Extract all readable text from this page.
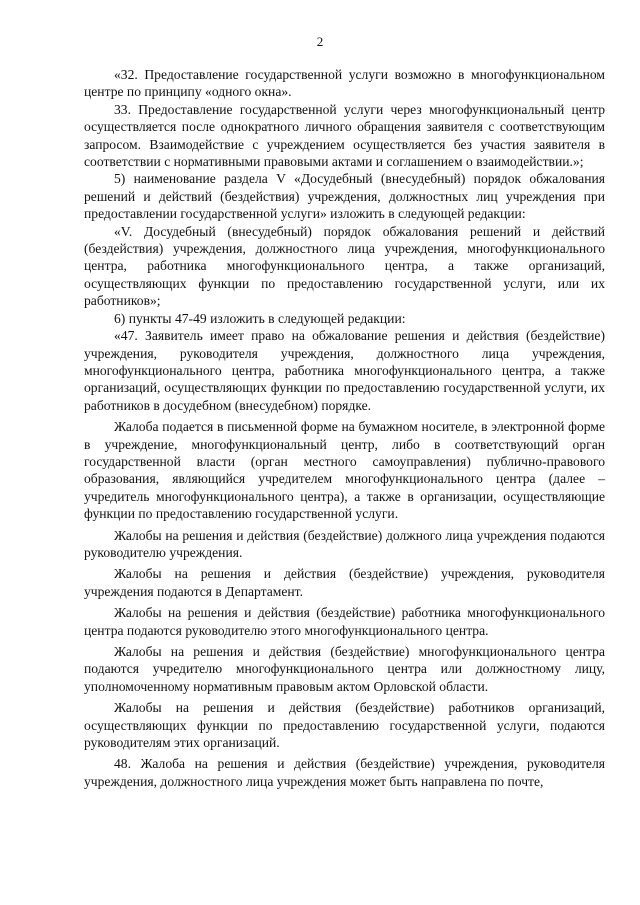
2

«32. Предоставление государственной услуги возможно в многофункциональном центре по принципу «одного окна».

33. Предоставление государственной услуги через многофункциональный центр осуществляется после однократного личного обращения заявителя с соответствующим запросом. Взаимодействие с учреждением осуществляется без участия заявителя в соответствии с нормативными правовыми актами и соглашением о взаимодействии.»;

5) наименование раздела V «Досудебный (внесудебный) порядок обжалования решений и действий (бездействия) учреждения, должностных лиц учреждения при предоставлении государственной услуги» изложить в следующей редакции:

«V. Досудебный (внесудебный) порядок обжалования решений и действий (бездействия) учреждения, должностного лица учреждения, многофункционального центра, работника многофункционального центра, а также организаций, осуществляющих функции по предоставлению государственной услуги, или их работников»;

6) пункты 47-49 изложить в следующей редакции:

«47. Заявитель имеет право на обжалование решения и действия (бездействие) учреждения, руководителя учреждения, должностного лица учреждения, многофункционального центра, работника многофункционального центра, а также организаций, осуществляющих функции по предоставлению государственной услуги, их работников в досудебном (внесудебном) порядке.

Жалоба подается в письменной форме на бумажном носителе, в электронной форме в учреждение, многофункциональный центр, либо в соответствующий орган государственной власти (орган местного самоуправления) публично-правового образования, являющийся учредителем многофункционального центра (далее – учредитель многофункционального центра), а также в организации, осуществляющие функции по предоставлению государственной услуги.

Жалобы на решения и действия (бездействие) должного лица учреждения подаются руководителю учреждения.

Жалобы на решения и действия (бездействие) учреждения, руководителя учреждения подаются в Департамент.

Жалобы на решения и действия (бездействие) работника многофункционального центра подаются руководителю этого многофункционального центра.

Жалобы на решения и действия (бездействие) многофункционального центра подаются учредителю многофункционального центра или должностному лицу, уполномоченному нормативным правовым актом Орловской области.

Жалобы на решения и действия (бездействие) работников организаций, осуществляющих функции по предоставлению государственной услуги, подаются руководителям этих организаций.

48. Жалоба на решения и действия (бездействие) учреждения, руководителя учреждения, должностного лица учреждения может быть направлена по почте,
